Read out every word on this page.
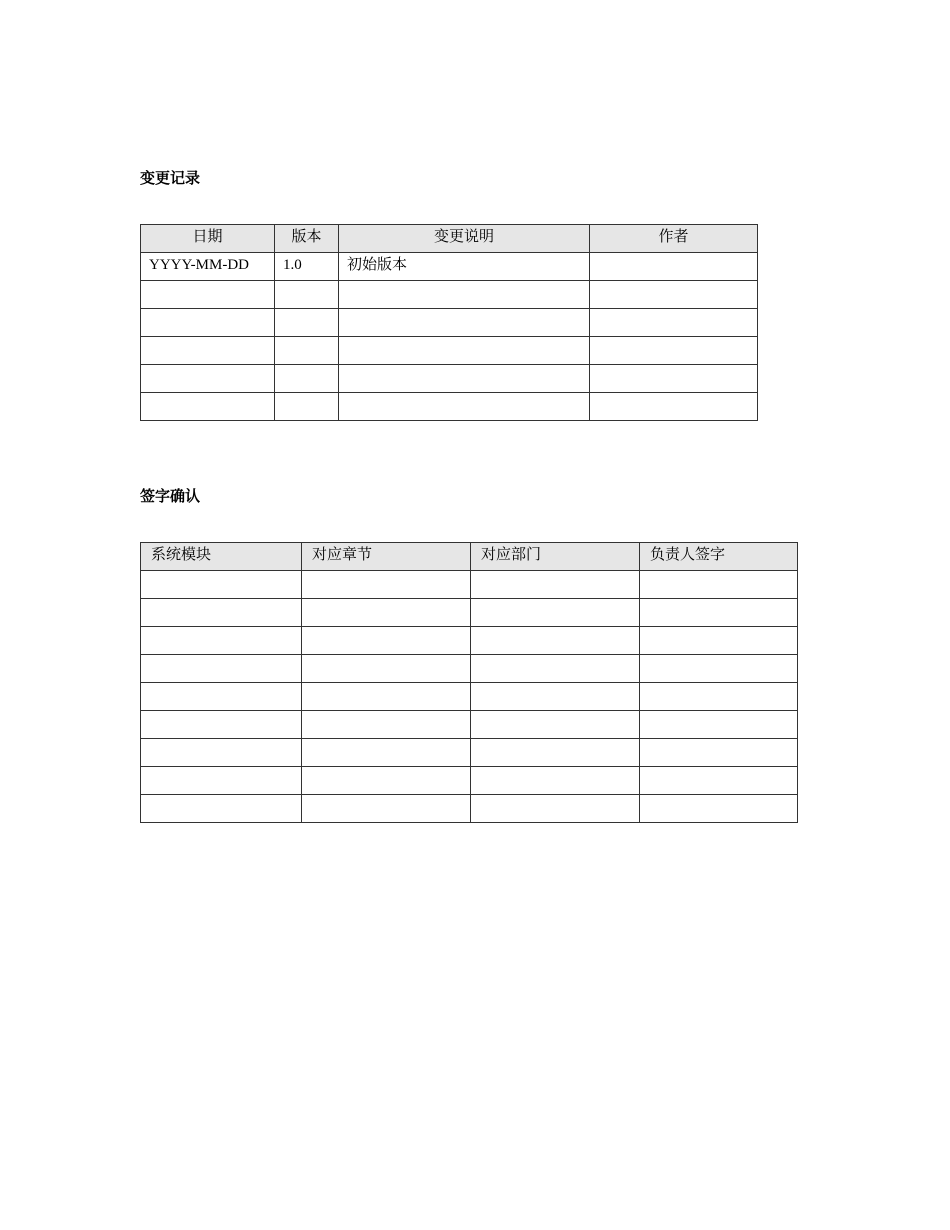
变更记录
日期	版本	变更说明	作者
YYYY-MM-DD	1.0	初始版本	

签字确认
系统模块	对应章节	对应部门	负责人签字
